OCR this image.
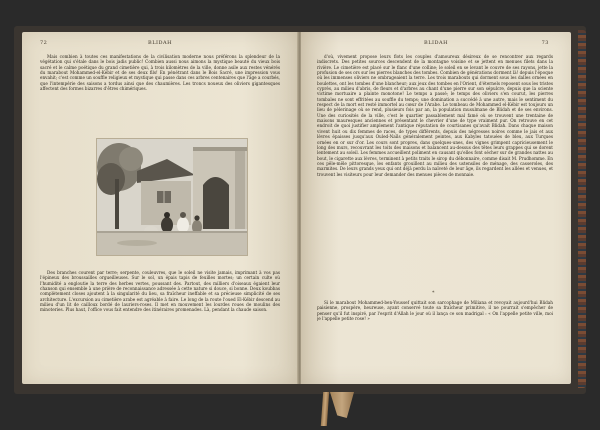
72	BLIDAH

Mais combien à toutes ces manifestations de la civilisation moderne nous préférons la splendeur de la végétation qui s'étale dans le bois jadis public! Combien aussi nous aimons la mystique beauté du vieux bois sacré et le calme poétique du grand cimetière qui, à trois kilomètres de la ville, donne asile aux restes vénérés du marabout Mohammed-el-Kébir et de ses deux fils! En pénétrant dans le Bois Sacré, une impression vous envahit; c'est comme un souffle religieux et mystique qui passe dans ces arbres centenaires que l'âge a courbés, que l'intempérie des saisons a tordus ainsi que des chaumières. Les troncs noueux des oliviers gigantesques affectent des formes bizarres d'êtres chimériques.

Des branches courent par terre; serpente, couleuvres, que le soleil ne visite jamais, imprimant à vos pas l'épineux des broussailles orgueilleuses. Sur le sol, un épais tapis de feuilles mortes; un certain culte où l'humidité a engloutie la terre des herbes vertes, poussant des. Partout, des milliers d'oiseaux égaient leur chanson qui ensemble à une prière de reconnaissance adressée à cette nature si douce, si bonne. Deux koubbas complètement closes ajoutent à la singularité du lieu, sa fraîcheur ineffable et sa précieuse simplicité de ses architecture. L'excursion au cimetière arabe est agréable à faire. Le long de la route l'oued El-Kébir descend au milieu d'un lit de cailloux bordé de lauriers-roses. Il met en mouvement les lourdes roues de moulins des minoteries. Plus haut, l'office vous fait entendre des itinéraires promenades. Là, pendant la chaude saison.

BLIDAH	73

d'où, vivement propose leurs flots les couples d'amoureux désireux de se rencontrer aux regards indiscrets. Des petites sources descendent de la montagne voisine et se jettent en menues filets dans la rivière. Le cimetière est placé sur le flanc d'une colline; le soleil en se levant le couvre de ses rayons, jette la profusion de ses ors sur les pierres blanches des tombes. Combien de générations dorment là! depuis l'époque où les immenses oliviers ne ombrageaient la terre. Les trois marabouts qui dorment sous les dalles ornées en boulettes, ont les tombes d'une blancheur; aux jeux des tombes en l'Orient, d'éternels reposent sous les tristes cyprès, au milieu d'abris, de fleurs et d'arbres au chant d'une pierre sur son sépulcre, depuis que la sciente victime mortuaire a plainte monotone! Le temps a passé; le temps des oliviers s'en courut, les pierres tombales ne sont effritées au souffle du temps; une domination a succédé à une autre, mais le sentiment du respect de la mort est resté immortel au cœur de l'Arabe. Le tombeau de Mohammed el-Kébir est toujours un lieu de pèlerinage où se rend, plusieurs fois par an, la population musulmane de Blidah et de ses environs. Une des curiosités de la ville, c'est le quartier passablement mal famé où se trouvent une trentaine de maisons mauresques anciennes et présentant le chevrier d'une de type vraiment pur. On retrouve en cet endroit de quoi justifier amplement l'antique réputation de courtisanes qu'avait Blidah. Dans chaque maison vivent huit ou dix femmes de races, de types différents, depuis des négresses noires comme le jais et aux lèvres épaisses jusqu'aux Ouled-Naïls généralement peintes, aux Kabyles tatouées de bleu, aux Turques ornées en or sur d'or. Les cours sont propres, dans quelques-unes, des vignes grimpent capricieusement le long des murs, recouvrant les toits des maisons et balancent au-dessus des têtes leurs grappes qui se dorent lentement au soleil. Les femmes accueillent poliment en causant qu'elles font sécher sur de grandes nattes au bout, le cigarette aux lèvres, terminent à petits traits le sirop du débonnaire, comme disait M. Prudhomme. En ces pêle-mêle pittoresque, les enfants grouillent au milieu des ustensiles de ménage, des casseroles, des marmites. De leurs grands yeux qui ont déjà perdu la naïveté de leur âge, ils regardent les allées et venues, et trouvent les visiteurs pour leur demander des menues pièces de monnaie.

Si le marabout Mohammed-ben-Youssef quittait son sarcophage de Miliana et revoyait aujourd'hui Blidah paisienne, prospère, heureuse, ayant conservé toute sa fraîcheur primitive, il ne pourrait s'empêcher de penser qu'il fut inspiré, par l'esprit d'Allah le jour où il lança ce son madrigal : « On l'appelle petite ville, moi je l'appelle petite rose! »

*
